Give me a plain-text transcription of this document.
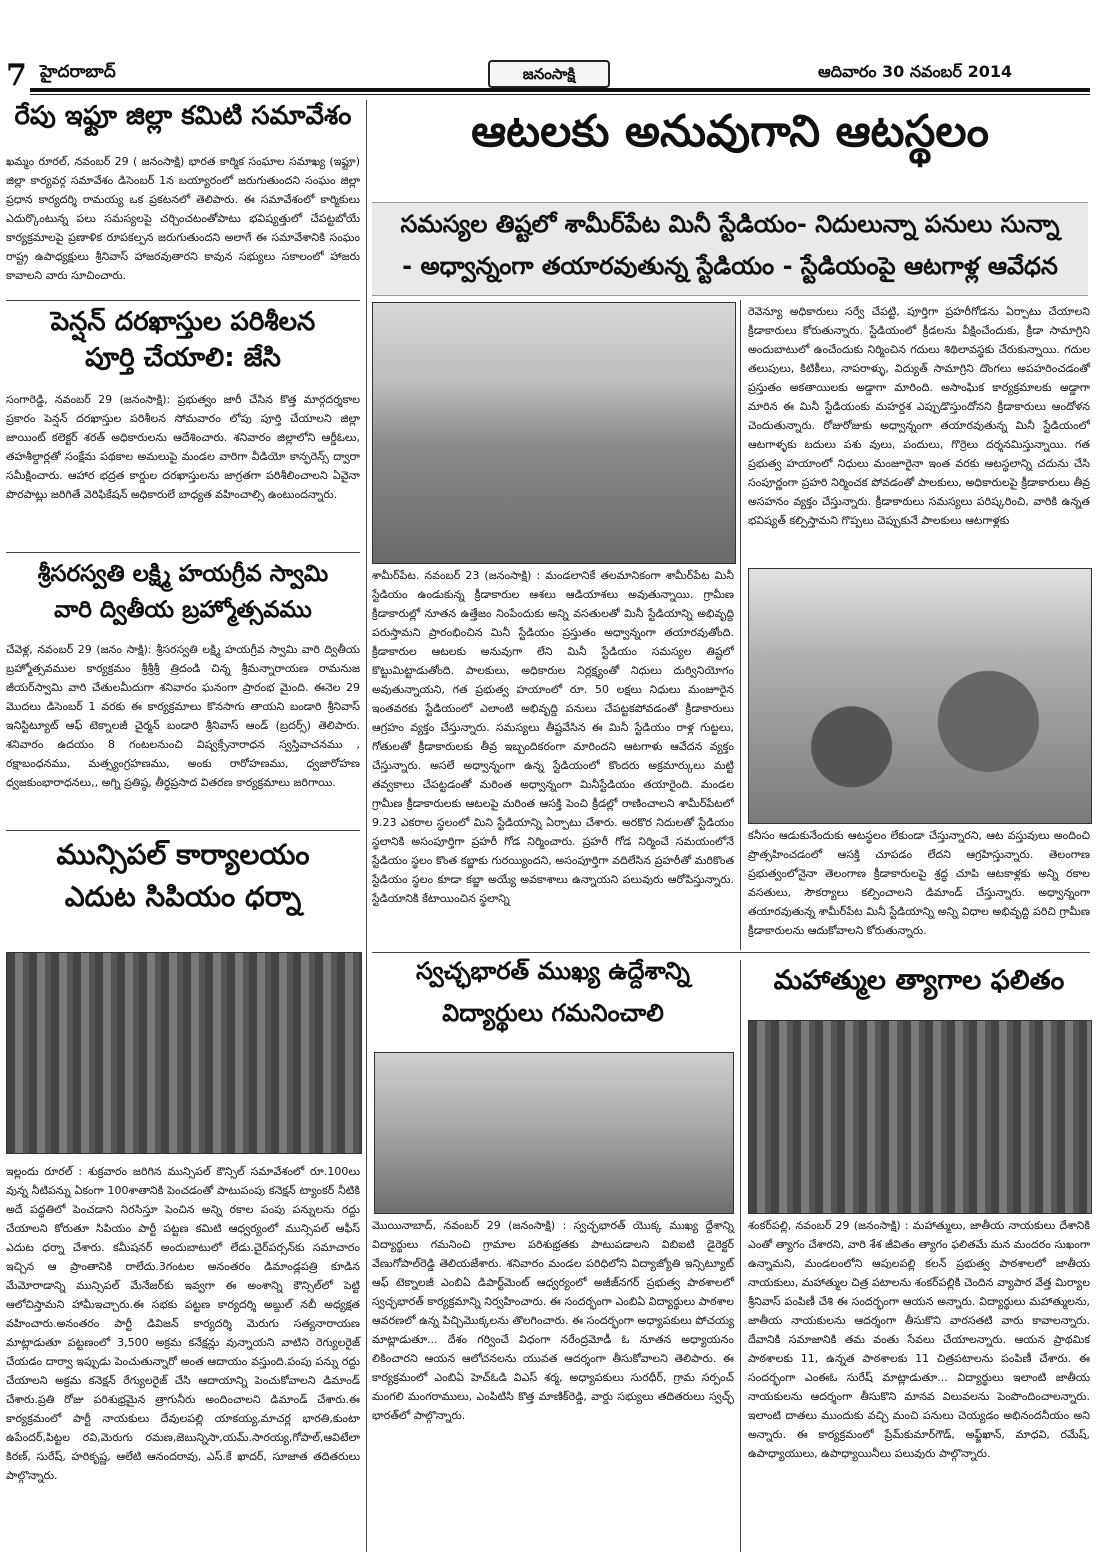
7 హైదరాబాద్	జనంసాక్షి	ఆదివారం 30 నవంబర్ 2014
రేపు ఇఫ్టూ జిల్లా కమిటి సమావేశం
ఖమ్మం రూరల్‌, నవంబర్‌ 29 ( జనంసాక్షి) భారత కార్మిక సంఘాల సమాఖ్య (ఇఫ్టూ) జిల్లా కార్యవర్గ సమావేశం డిసెంబర్‌ 1న బయ్యారంలో జరుగుతుందని సంఘం జిల్లా ప్రధాన కార్యదర్శి రామయ్య ఒక ప్రకటనలో తెలిపారు. ఈ సమావేశంలో కార్మికులు ఎదుర్కొంటున్న పలు సమస్యలపై చర్చించటంతోపాటు భవిష్యత్తులో చేపట్టబోయే కార్యక్రమాలపై ప్రణాళిక రూపకల్పన జరుగుతుందని అలాగే ఈ సమావేశానికి సంఘం రాష్ట్ర ఉపాధ్యక్షులు శ్రీనివాస్‌ హాజరవుతారని కావున సభ్యులు సకాలంలో హాజరు కావాలని వారు సూచించారు.
పెన్షన్‌ దరఖాస్తుల పరిశీలన
పూర్తి చేయాలి: జేసి
సంగారెడ్డి, నవంబర్‌ 29 (జనంసాక్షి): ప్రభుత్వం జారీ చేసిన కొత్త మార్గదర్శకాల ప్రకారం పెన్షన్‌ దరఖాస్తుల పరిశీలన సోమవారం లోపు పూర్తి చేయాలని జిల్లా జాయింట్‌ కలెక్టర్‌ శరత్‌ అధికారులను ఆదేశించారు. శనివారం జిల్లాలోని ఆర్డీఓలు, తహశీల్దార్లతో సంక్షేమ పథకాల అమలుపై మండల వారిగా వీడియో కాన్ఫరెన్స్‌ ద్వారా సమీక్షించారు. ఆహార భద్రత కార్డుల దరఖాస్తులను జాగ్రతగా పరిశీలించాలని ఏవైనా పొరపాట్లు జరిగితే వెరిఫికేషన్‌ అధికారులే బాధ్యత వహించాల్సి ఉంటుందన్నారు.
శ్రీసరస్వతి లక్ష్మి హయగ్రీవ స్వామి
వారి ద్వితీయ బ్రహ్మోత్సవము
చేవెళ్ల, నవంబర్‌ 29 (జనం సాక్షి): శ్రీసరస్వతి లక్ష్మి హయగ్రీవ స్వామి వారి ద్వితీయ బ్రహ్మోత్సవముల కార్యక్రమం శ్రీశ్రీశ్రీ త్రిదండి చిన్న శ్రీమన్నారాయణ రామనుజ జీయర్‌స్వామి వారి చేతులమీదుగా శనివారం ఘనంగా ప్రారంభ మైంది. ఈనెల 29 మొదలు డిసెంబర్‌ 1 వరకు ఈ కార్యక్రమాలు కొనసాగు తాయని బండారి శ్రీనివాస్‌ ఇనిస్టిట్యూట్‌ ఆఫ్‌ టెక్నాలజీ చైర్మన్‌ బండారి శ్రీనివాస్‌ ఆండ్‌ (బ్రదర్స్‌) తెలిపారు. శనివారం ఉదయం 8 గంటలనుంచి విష్వక్సేనారాధన స్వస్తివాచనము , రక్షాబంధనము, మత్స్యంగ్రహణము, అంకు రారోహణము, ధ్వజారోహణ ధ్వజకుంభారాధనలు,, అగ్ని ప్రతిష్ఠ, తీర్థప్రసాద వితరణ కార్యక్రమాలు జరిగాయి.
మున్సిపల్‌ కార్యాలయం
ఎదుట సిపియం ధర్నా
ఇల్లందు రూరల్‌ : శుక్రవారం జరిగిన మున్సిపల్‌ కౌన్సిల్‌ సమావేశంలో రూ.100లు వున్న నీటిపన్ను ఏకంగా 100శాతానికి పెంచడంతో పాటుపంపు కనెక్షన్‌ ట్యాంకర్‌ నీటికి అదే పద్ధతిలో పెంచడాని నిరసిస్తూ పెంచిన అన్ని రకాల పంపు పన్నులను రద్దు చేయాలని కోరుతూ సిపియం పార్టీ పట్టణ కమిటి ఆధ్వర్యంలో మున్సిపల్‌ ఆఫీస్‌ ఎదుట ధర్నా చేశారు. కమీషనర్‌ అందుబాటులో లేడు.చైర్‌పర్సన్‌కు సమాచారం ఇచ్చిన ఆ ప్రాంతానికి రాలేదు.3గంటల అనంతరం డిమాండ్లపత్రి కూడిన మేమోరాడాన్ని మున్సిపల్‌ మేనేజర్‌కు ఇవ్వగా ఈ అంశాన్ని కౌన్సిల్‌లో పెట్టి ఆలోచిస్తామని హామీఇచ్చారు.ఈ సభకు పట్టణ కార్యదర్శి అబ్దుల్‌ నబీ అధ్యక్షత వహించారు.అనంతరం పార్టీ డివిజన్‌ కార్యదర్శి మెరుగు సత్యనారాయణ మాట్లాడుతూ పట్టణంలో 3,500 అక్రమ కనేక్షన్లు వున్నాయని వాటిని రెగ్యులరైజ్‌ చేయడం దార్వా ఇప్పుడు పెంచుతున్నారో అంత ఆదాయం వస్తుంది.పంపు పన్ను రద్దు చేయాలని అక్రమ కనెక్షన్‌ రేగ్యులరైజ్‌ చేసి ఆదాయాన్ని పెంచుకోవాలని డిమాండ్‌ చేశారు.ప్రతి రోజు పరిశుభ్రమైన త్రాగునీరు అందించాలని డిమాండ్‌ చేశారు.ఈ కార్యక్రమంలో పార్టీ నాయకులు దేవులపల్లి యాకయ్య,మాచర్ల భారతి,కుంటా ఉపేందర్‌,పిట్టల రవి,మెరుగు రమణ,జెబున్నిసా,యమ్‌.సారయ్య,గోపాల్‌,ఆవిటేలా కిరణ్‌, సురేష్‌, హరికృష్ణ, ఆలేటి ఆనందరావు, ఎస్‌.కే ఖాదర్‌, సూజాత తదితరులు పాల్గొన్నారు.
ఆటలకు అనువుగాని ఆటస్థలం
సమస్యల తిష్టలో శామీర్‌పేట మినీ స్టేడియం- నిదులున్నా పనులు సున్నా
- అధ్వాన్నంగా తయారవుతున్న స్టేడియం - స్టేడియంపై ఆటగాళ్ల ఆవేధన
శామీర్‌పేట. నవంబర్‌ 23 (జనంసాక్షి) : మండలానికే తలమానికంగా శామీర్‌పేట మినీ స్టేడియం ఉండుకున్న క్రీడాకారుల ఆశలు ఆడియాశలు అవుతున్నాయి. గ్రామీణ క్రీడాకారుల్లో నూతన ఉత్తేజం నింపేందుకు అన్ని వసతులతో మినీ స్టేడియాన్ని అభివృద్ది పరుస్తామని ప్రారంభించిన మినీ స్టేడియం ప్రస్తుతం అధ్వాన్నంగా తయారవుతోంది. క్రీడాకారుల ఆటలకు అనువుగా లేని మినీ స్టేడియం సమస్యల తిష్టలో కొట్టుమిట్టాడుతోంది. పాలకులు, అధికారుల నిర్లక్ష్యంతో నిధులు దుర్వినియోగం అవుతున్నాయని, గత ప్రభుత్వ హయాంలో రూ. 50 లక్షలు నిధులు మంజూరైన ఇంతవరకు స్టేడియంలో ఎలాంటి అభివృద్ది పనులు చేపట్టకపోవడంతో క్రీడాకారులు ఆగ్రహం వ్యక్తం చేస్తున్నారు. సమస్యలు తీష్టవేసిన ఈ మినీ స్టేడియం రాళ్ల గుట్టలు, గోతులతో క్రీడాకారులకు తీవ్ర ఇబ్బందికరంగా మారిందని ఆటగాళు ఆవేదన వ్యక్తం చేస్తున్నారు. అసలే అధ్వాన్నంగా ఉన్న స్టేడియంలో కొందరు అక్రమార్కులు మట్టి తవ్వకాలు చేపట్టడంతో మరింత అధ్వాన్నంగా మినీస్టేడియం తయారైంది. మండల గ్రామీణ క్రీడాకారులకు ఆటలపై మరింత ఆసక్తి పెంచి క్రీడల్లో రాణించాలని శామీర్‌పేటలో 9.23 ఎకరాల స్థలంలో మిని స్టేడియాన్ని ఏర్పాటు చేశారు. అరకొర నిదులతో స్టేడియం స్థలానికి అసంపూర్తిగా ప్రహరీ గోడ నిర్మించారు. ప్రహరీ గోడ నిర్మించే సమయంలోనే స్టేడియం స్థలం కొంత కబ్జాకు గురయ్యిందని, అసంపూర్తిగా వదిలేసిన ప్రహరీతో మరికొంత స్టేడియం స్థలం కూడా కబ్జా అయ్యే అవకాశాలు ఉన్నాయని పలువురు ఆరోపిస్తున్నారు. స్టేడియానికి కేటాయించిన స్థలాన్ని
రెవెన్యూ అధికారులు సర్వే చేపట్టి, పూర్తిగా ప్రహరీగోడను ఏర్పాటు చేయాలని క్రీడాకారులు కోరుతున్నారు. స్టేడియంలో క్రీడలను వీక్షించేందుకు, క్రీడా సామాగ్రిని అందుబాటులో ఉంచేందుకు నిర్మించిన గదులు శిథిలావస్థకు చేరుకున్నాయి. గదుల తలుపులు, కిటికీలు, నాపరాళ్ళు, విద్యుత్‌ సామాగ్రిని దొంగలు అపహరించడంతో ప్రస్తుతం అకతాయిలకు అడ్డాగా మారింది. అసాంఘిక కార్యక్రమాలకు అడ్డాగా మారిన ఈ మినీ స్టేడియంకు మహర్దశ ఎప్పుడొస్తుందోనని క్రీడాకారులు ఆందోళన చెందుతున్నారు. రోజురోజుకు అధ్వాన్నంగా తయారవుతున్న మినీ స్టేడియంలో ఆటగాళ్ళకు బదులు పశు వులు, పందులు, గొర్రెలు దర్శనమిస్తున్నాయి. గత ప్రభుత్వ హయాంలో నిధులు మంజూరైనా ఇంత వరకు ఆటస్థలాన్ని చదును చేసి సంపూర్ణంగా ప్రహరి నిర్మించక పోవడంతో పాలకులు, అధికారులపై క్రీడాకారులు తీవ్ర అసహనం వ్యక్తం చేస్తున్నారు. క్రీడాకారులు సమస్యలు పరిష్కరించి, వారికి ఉన్నత భవిష్యత్‌ కల్పిస్తామని గొప్పలు చెప్పుకునే పాలకులు ఆటగాళ్లకు
కనీసం ఆడుకునేందుకు ఆటస్థలం లేకుండా చేస్తున్నారని, ఆట వస్తువులు అందించి ప్రొత్సహించడంలో ఆసక్తి చూపడం లేదని ఆగ్రహిస్తున్నారు. తెలంగాణ ప్రభుత్వంలోనైనా తెలంగాణ క్రీడాకారులపై శ్రద్ధ చూపి ఆటకాళ్లకు అన్ని రకాల వసతులు, సౌకర్యాలు కల్పించాలని డిమాండ్‌ చేస్తున్నారు. అధ్వాన్నంగా తయారవుతున్న శామీర్‌పేట మినీ స్టేడియాన్ని అన్ని విధాల అభివృద్ది పరిచి గ్రామీణ క్రీడాకారులను ఆదుకోవాలని కోరుతున్నారు.
స్వచ్ఛభారత్‌ ముఖ్య ఉద్దేశాన్ని
విద్యార్థులు గమనించాలి
మొయినాబాద్‌, నవంబర్‌ 29 (జనంసాక్షి) : స్వచ్ఛభారత్‌ యొక్క ముఖ్య ద్దేశాన్ని విద్యార్థులు గమనించి గ్రామాల పరిశుభ్రతకు పాటుపడాలని విబిఐటి డైరెక్టర్‌ వేణుగోపాల్‌రెడ్డి తెలియజేశారు. శనివారం మండల పరిధిలోని విద్యాజ్యోతి ఇన్సిట్యూట్‌ ఆఫ్‌ టెక్నాలజీ ఎంబిఏ డిపార్ట్‌మెంట్‌ ఆధ్వర్యంలో అజీజ్‌నగర్‌ ప్రభుత్వ పాఠశాలలో స్వచ్ఛభారత్‌ కార్యక్రమాన్ని నిర్వహించారు. ఈ సందర్భంగా ఎంబిఏ విద్యార్థులు పాఠశాల ఆవరణలో ఉన్న పిచ్చిమొక్కలను తొలగించారు. ఈ సందర్భంగా అధ్యాపకులు పోచయ్య మాట్లాడుతూ... దేశం గర్వించే విధంగా నరేంద్రమోడీ ఓ నూతన అధ్యాయనం లికించారని ఆయన ఆలోచనలను యువత ఆదర్శంగా తీసుకోవాలని తెలిపారు. ఈ కార్యక్రమంలో ఎంబిఏ హెచ్‌ఓడి విఎస్‌ శర్మ, అధ్యాపకులు సురధీర్‌, గ్రామ సర్పంచ్‌ మంగలి మంగరాములు, ఎంపిటిసి కొత్త మాణిక్‌రెడ్డి, వార్డు సభ్యులు తదితరులు స్వచ్ఛ్‌ భారత్‌లో పాల్గొన్నారు.
మహాత్ముల త్యాగాల ఫలితం
శంకర్‌పల్లి, నవంబర్‌ 29 (జనంసాక్షి) : మహాత్ములు, జాతీయ నాయకులు దేశానికి ఎంతో త్యాగం చేశారని, వారి శేశ జీవితం త్యాగం ఫలితమే మన మందరం సుఖంగా ఉన్నామని, మండలంలోని ఆపులపల్లి కలన్‌ ప్రభుత్వ పాఠశాలలో జాతీయ నాయకులు, మహాత్ముల చిత్ర పటాలను శంకర్‌పల్లికి చెందిన వ్యాపార వేత్త మిర్యాల శ్రీనివాస్‌ పంపిణీ చేశి ఈ సందర్భంగా ఆయన అన్నారు. విద్యార్థులు మహాత్ములను, జాతీయ నాయకులను ఆదర్శంగా తీసుకొని వారసతటి వారు కావాలన్నారు. దేవానికి సమాజానికి తమ వంతు సేవలు చేయాలన్నారు. ఆయన ప్రాథమిక పాఠశాలకు 11, ఉన్నత పాఠశాలకు 11 చిత్రపటాలను పంపిణీ చేశారు. ఈ సందర్భంగా ఎంఈఓ సురేష్‌ మాట్లాడుతూ... విద్యార్థులు ఇలాంటి జాతీయ నాయకులను ఆదర్శంగా తీసుకొని మానవ విలువలను పెంపొందించాలన్నారు. ఇలాంటి దాతలు ముందుకు వచ్చి మంచి పనులు చెయ్యడం అభినందనీయం అని అన్నారు. ఈ కార్యక్రమంలో ప్రేమ్‌కుమార్‌గౌడ్‌, అఫ్జ్‌ఖాన్‌, మాధవి, రమేష్‌, ఉపాధ్యాయులు, ఉపాధ్యాయినీలు పలువురు పాల్గొన్నారు.
